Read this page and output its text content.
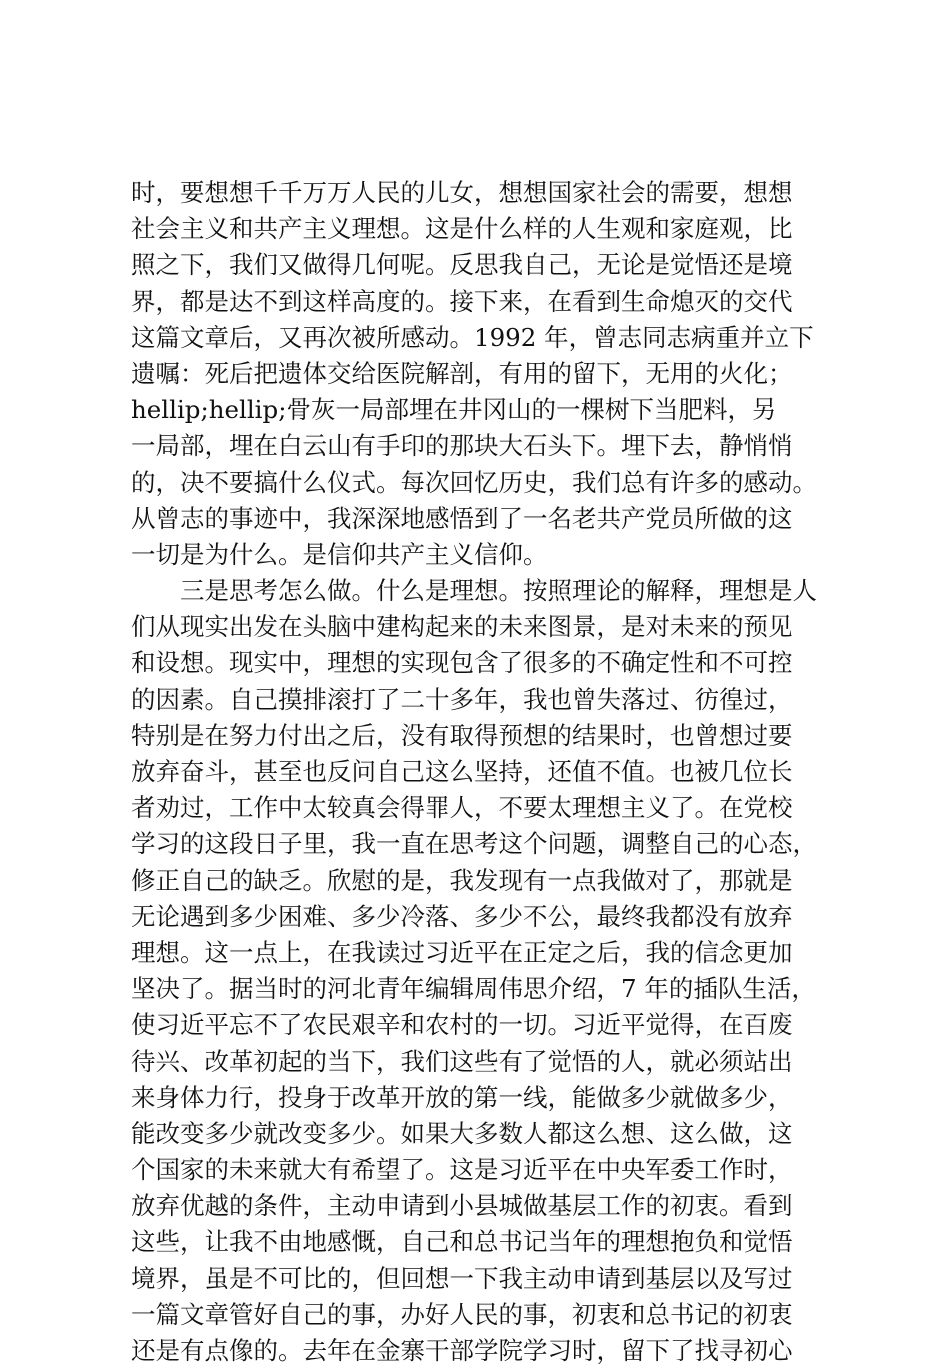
时，要想想千千万万人民的儿女，想想国家社会的需要，想想
社会主义和共产主义理想。这是什么样的人生观和家庭观，比
照之下，我们又做得几何呢。反思我自己，无论是觉悟还是境
界，都是达不到这样高度的。接下来，在看到生命熄灭的交代
这篇文章后，又再次被所感动。1992 年，曾志同志病重并立下
遗嘱：死后把遗体交给医院解剖，有用的留下，无用的火化；
hellip;hellip;骨灰一局部埋在井冈山的一棵树下当肥料，另
一局部，埋在白云山有手印的那块大石头下。埋下去，静悄悄
的，决不要搞什么仪式。每次回忆历史，我们总有许多的感动。
从曾志的事迹中，我深深地感悟到了一名老共产党员所做的这
一切是为什么。是信仰共产主义信仰。
三是思考怎么做。什么是理想。按照理论的解释，理想是人
们从现实出发在头脑中建构起来的未来图景，是对未来的预见
和设想。现实中，理想的实现包含了很多的不确定性和不可控
的因素。自己摸排滚打了二十多年，我也曾失落过、彷徨过，
特别是在努力付出之后，没有取得预想的结果时，也曾想过要
放弃奋斗，甚至也反问自己这么坚持，还值不值。也被几位长
者劝过，工作中太较真会得罪人，不要太理想主义了。在党校
学习的这段日子里，我一直在思考这个问题，调整自己的心态，
修正自己的缺乏。欣慰的是，我发现有一点我做对了，那就是
无论遇到多少困难、多少冷落、多少不公，最终我都没有放弃
理想。这一点上，在我读过习近平在正定之后，我的信念更加
坚决了。据当时的河北青年编辑周伟思介绍，7 年的插队生活，
使习近平忘不了农民艰辛和农村的一切。习近平觉得，在百废
待兴、改革初起的当下，我们这些有了觉悟的人，就必须站出
来身体力行，投身于改革开放的第一线，能做多少就做多少，
能改变多少就改变多少。如果大多数人都这么想、这么做，这
个国家的未来就大有希望了。这是习近平在中央军委工作时，
放弃优越的条件，主动申请到小县城做基层工作的初衷。看到
这些，让我不由地感慨，自己和总书记当年的理想抱负和觉悟
境界，虽是不可比的，但回想一下我主动申请到基层以及写过
一篇文章管好自己的事，办好人民的事，初衷和总书记的初衷
还是有点像的。去年在金寨干部学院学习时，留下了找寻初心
